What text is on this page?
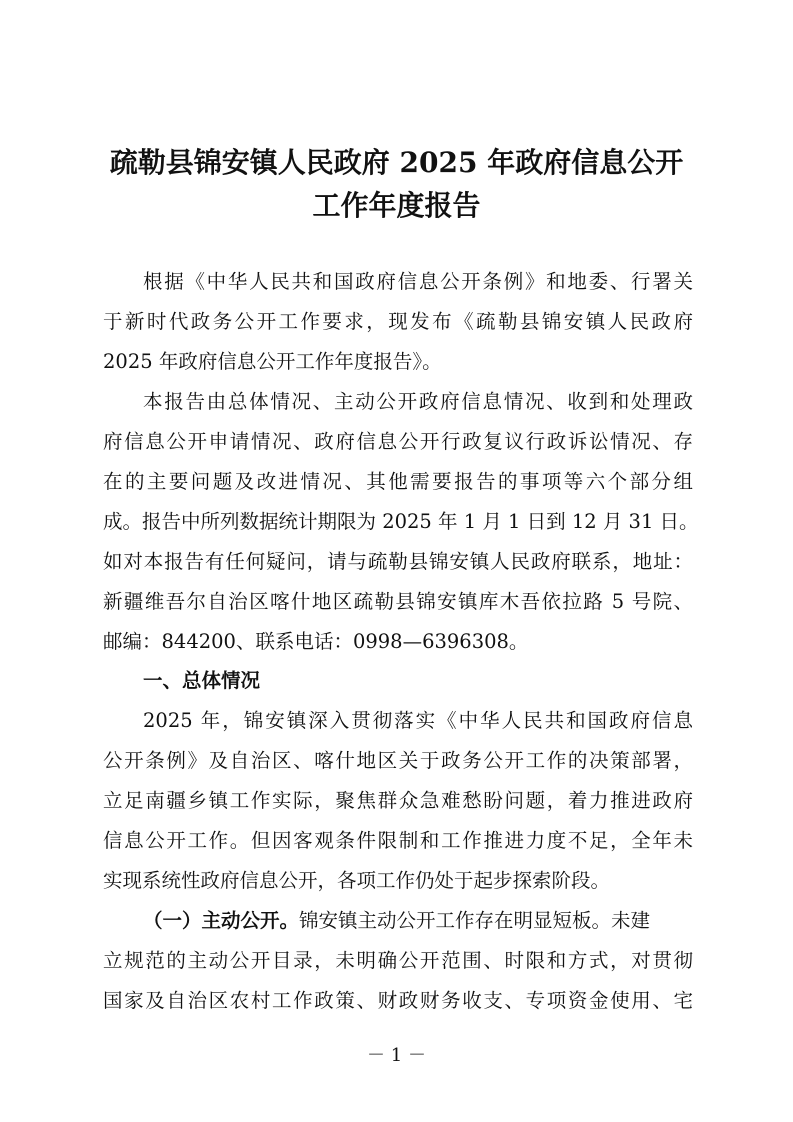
疏勒县锦安镇人民政府 2025 年政府信息公开
工作年度报告
根据《中华人民共和国政府信息公开条例》和地委、行署关
于新时代政务公开工作要求，现发布《疏勒县锦安镇人民政府
2025 年政府信息公开工作年度报告》。
本报告由总体情况、主动公开政府信息情况、收到和处理政
府信息公开申请情况、政府信息公开行政复议行政诉讼情况、存
在的主要问题及改进情况、其他需要报告的事项等六个部分组
成。报告中所列数据统计期限为 2025 年 1 月 1 日到 12 月 31 日。
如对本报告有任何疑问，请与疏勒县锦安镇人民政府联系，地址：
新疆维吾尔自治区喀什地区疏勒县锦安镇库木吾依拉路 5 号院、
邮编：844200、联系电话：0998—6396308。
一、总体情况
2025 年，锦安镇深入贯彻落实《中华人民共和国政府信息
公开条例》及自治区、喀什地区关于政务公开工作的决策部署，
立足南疆乡镇工作实际，聚焦群众急难愁盼问题，着力推进政府
信息公开工作。但因客观条件限制和工作推进力度不足，全年未
实现系统性政府信息公开，各项工作仍处于起步探索阶段。
（一）主动公开。锦安镇主动公开工作存在明显短板。未建
立规范的主动公开目录，未明确公开范围、时限和方式，对贯彻
国家及自治区农村工作政策、财政财务收支、专项资金使用、宅
－ 1 －
